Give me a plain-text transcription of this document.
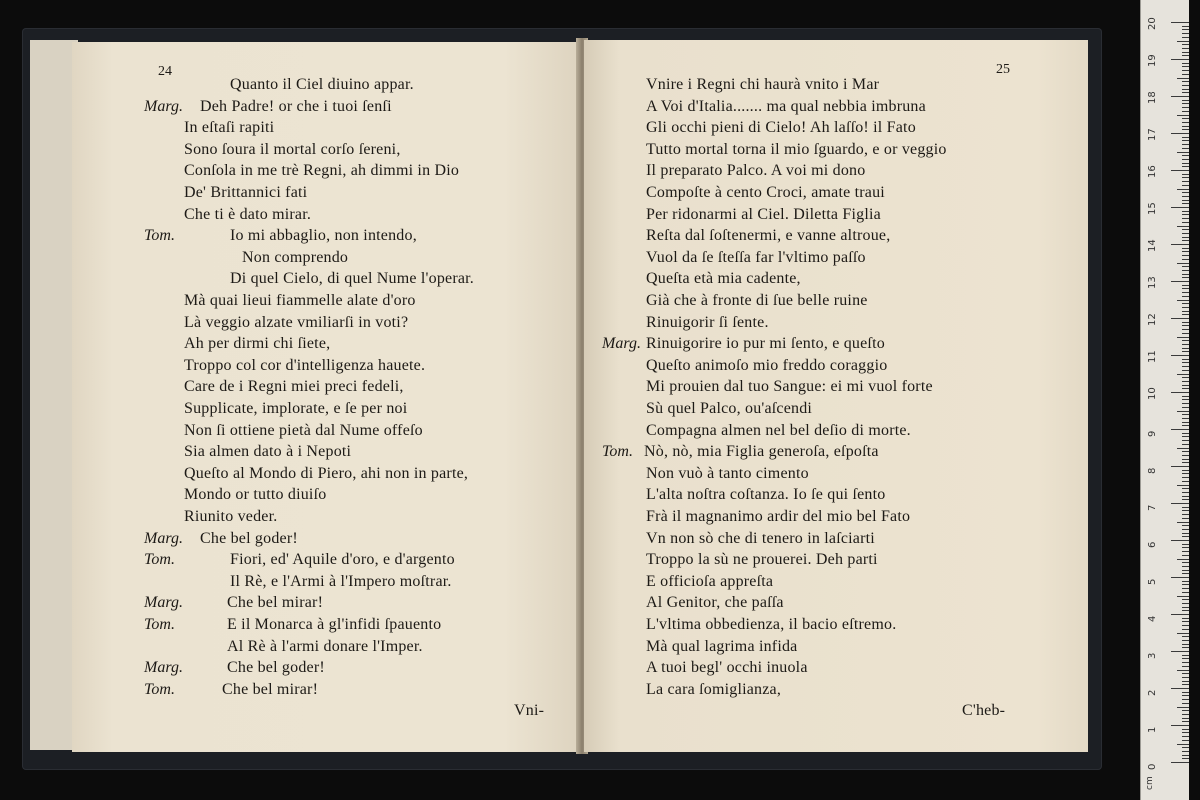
24
Quanto il Ciel diuino appar.
Marg. Deh Padre! or che i tuoi ſenſi
In eſtaſi rapiti
Sono ſoura il mortal corſo ſereni,
Conſola in me trè Regni, ah dimmi in Dio
De' Brittannici fati
Che ti è dato mirar.
Tom.	Io mi abbaglio, non intendo,
Non comprendo
Di quel Cielo, di quel Nume l'operar.
Mà quai lieui fiammelle alate d'oro
Là veggio alzate vmiliarſi in voti?
Ah per dirmi chi ſiete,
Troppo col cor d'intelligenza hauete.
Care de i Regni miei preci fedeli,
Supplicate, implorate, e ſe per noi
Non ſi ottiene pietà dal Nume offeſo
Sia almen dato à i Nepoti
Queſto al Mondo di Piero, ahi non in parte,
Mondo or tutto diuiſo
Riunito veder.
Marg. Che bel goder!
Tom.	Fiori, ed' Aquile d'oro, e d'argento
Il Rè, e l'Armi à l'Impero moſtrar.
Marg.	Che bel mirar!
Tom.	E il Monarca à gl'infidi ſpauento
Al Rè à l'armi donare l'Imper.
Marg.	Che bel goder!
Tom.	Che bel mirar!
Vni-
25
Vnire i Regni chi haurà vnito i Mar
A Voi d'Italia....... ma qual nebbia imbruna
Gli occhi pieni di Cielo! Ah laſſo! il Fato
Tutto mortal torna il mio ſguardo, e or veggio
Il preparato Palco. A voi mi dono
Compoſte à cento Croci, amate traui
Per ridonarmi al Ciel. Diletta Figlia
Reſta dal ſoſtenermi, e vanne altroue,
Vuol da ſe ſteſſa far l'vltimo paſſo
Queſta età mia cadente,
Già che à fronte di ſue belle ruine
Rinuigorir ſi ſente.
Marg. Rinuigorire io pur mi ſento, e queſto
Queſto animoſo mio freddo coraggio
Mi prouien dal tuo Sangue: ei mi vuol forte
Sù quel Palco, ou'aſcendi
Compagna almen nel bel deſio di morte.
Tom. Nò, nò, mia Figlia generoſa, eſpoſta
Non vuò à tanto cimento
L'alta noſtra coſtanza. Io ſe qui ſento
Frà il magnanimo ardir del mio bel Fato
Vn non sò che di tenero in laſciarti
Troppo la sù ne prouerei. Deh parti
E officioſa appreſta
Al Genitor, che paſſa
L'vltima obbedienza, il bacio eſtremo.
Mà qual lagrima infida
A tuoi begl' occhi inuola
La cara ſomiglianza,
C'heb-
20
19
18
17
16
15
14
13
12
11
10
9
8
7
6
5
4
3
2
1
0
cm
